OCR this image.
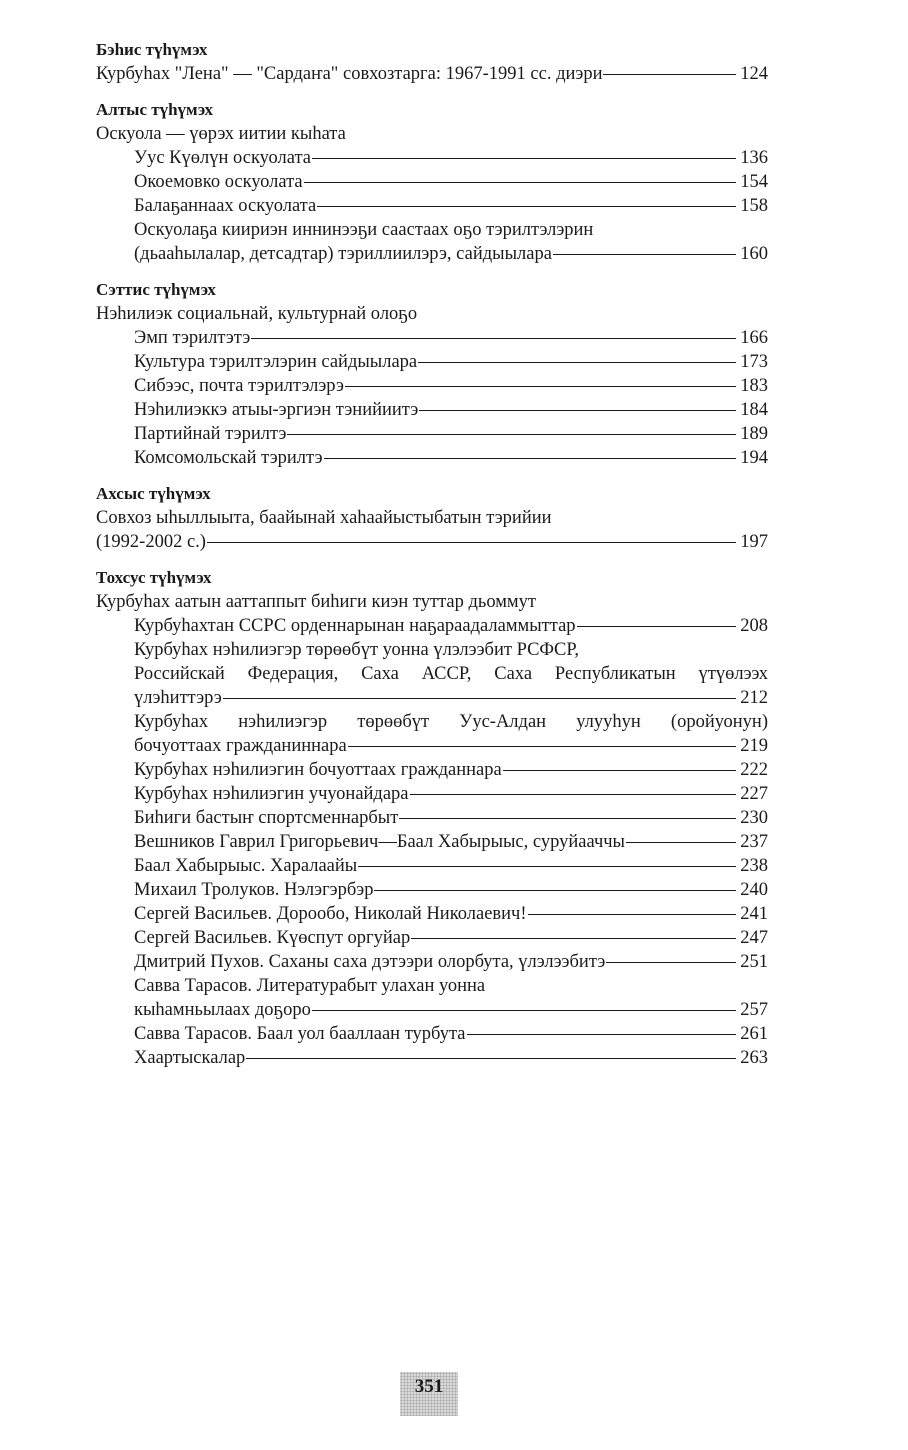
Бэhис түhүмэх
Курбуhах "Лена" — "Сардаҥа" совхозтарга: 1967-1991 сс. диэри	124
Алтыс түhүмэх
Оскуола — үөрэх иитии кыhата
Уус Күөлүн оскуолата	136
Окоемовко оскуолата	154
Балаҕаннаах оскуолата	158
Оскуолаҕа киириэн иннинээҕи саастаах оҕо тэрилтэлэрин
(дьааhылалар, детсадтар) тэриллиилэрэ, сайдыылара	160
Сэттис түhүмэх
Нэhилиэк социальнай, культурнай олоҕо
Эмп тэрилтэтэ	166
Культура тэрилтэлэрин сайдыылара	173
Сибээс, почта тэрилтэлэрэ	183
Нэhилиэккэ атыы-эргиэн тэнийиитэ	184
Партийнай тэрилтэ	189
Комсомольскай тэрилтэ	194
Ахсыс түhүмэх
Совхоз ыhыллыыта, баайынай хаhаайыстыбатын тэрийии
(1992-2002 с.)	197
Тохсус түhүмэх
Курбуhах аатын ааттаппыт биhиги киэн туттар дьоммут
Курбуhахтан ССРС орденнарынан наҕараадаламмыттар	208
Курбуhах нэhилиэгэр төрөөбүт уонна үлэлээбит РСФСР,
Российскай Федерация, Саха АССР, Саха Республикатын үтүөлээх
үлэhиттэрэ	212
Курбуhах нэhилиэгэр төрөөбүт Уус-Алдан улууhун (оройуонун)
бочуоттаах гражданиннара	219
Курбуhах нэhилиэгин бочуоттаах гражданнара	222
Курбуhах нэhилиэгин учуонайдара	227
Биhиги бастыҥ спортсменнарбыт	230
Вешников Гаврил Григорьевич—Баал Хабырыыс, суруйааччы	237
Баал Хабырыыс. Харалаайы	238
Михаил Тролуков. Нэлэгэрбэр	240
Сергей Васильев. Дорообо, Николай Николаевич!	241
Сергей Васильев. Күөспут оргуйар	247
Дмитрий Пухов. Саханы саха дэтээри олорбута, үлэлээбитэ	251
Савва Тарасов. Литературабыт улахан уонна
кыhамньылаах доҕоро	257
Савва Тарасов. Баал уол бааллаан турбута	261
Хаартыскалар	263
351
